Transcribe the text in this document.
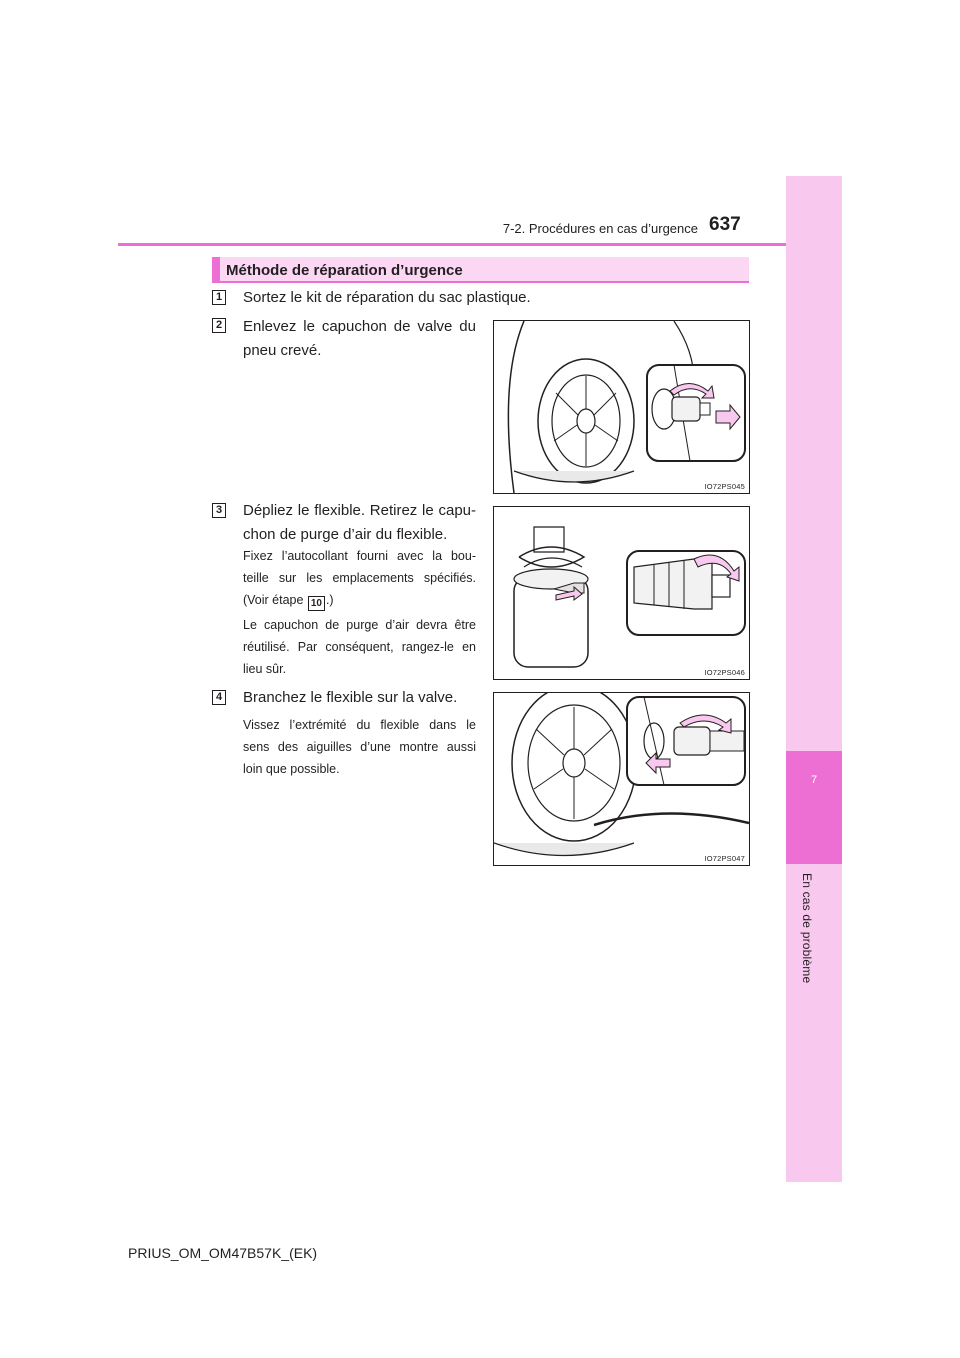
7
En cas de problème
7-2. Procédures en cas d’urgence 637
Méthode de réparation d’urgence
1 Sortez le kit de réparation du sac plastique.
2 Enlevez le capuchon de valve du
pneu crevé.
IO72PS045
3 Dépliez le flexible. Retirez le capu-
chon de purge d’air du flexible.
Fixez l’autocollant fourni avec la bou-
teille sur les emplacements spécifiés.
(Voir étape 10 .)
Le capuchon de purge d’air devra être
réutilisé. Par conséquent, rangez-le en
lieu sûr.	IO72PS046
4 Branchez le flexible sur la valve.
Vissez l’extrémité du flexible dans le
sens des aiguilles d’une montre aussi
loin que possible.
IO72PS047
PRIUS_OM_OM47B57K_(EK)
